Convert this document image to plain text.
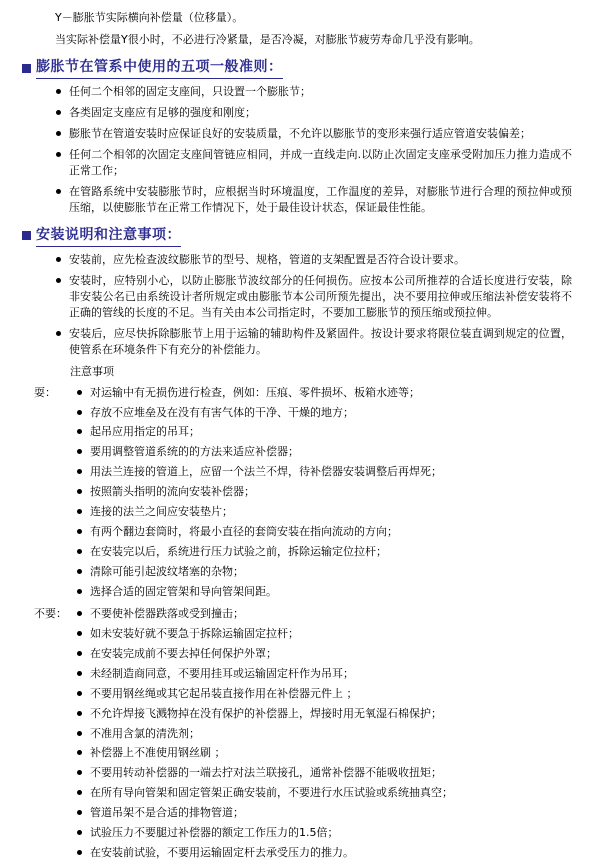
Y－膨胀节实际横向补偿量（位移量）。

当实际补偿量Y很小时，不必进行冷紧量，是否冷凝，对膨胀节疲劳寿命几乎没有影响。

膨胀节在管系中使用的五项一般准则：
任何二个相邻的固定支座间，只设置一个膨胀节；
各类固定支座应有足够的强度和刚度；
膨胀节在管道安装时应保证良好的安装质量，不允许以膨胀节的变形来强行适应管道安装偏差；
任何二个相邻的次固定支座间管链应相同，并成一直线走向.以防止次固定支座承受附加压力推力造成不正常工作；
在管路系统中安装膨胀节时，应根据当时环境温度，工作温度的差异，对膨胀节进行合理的预拉伸或预压缩，以使膨胀节在正常工作情况下，处于最佳设计状态，保证最佳性能。
安装说明和注意事项：
安装前，应先检查波纹膨胀节的型号、规格，管道的支架配置是否符合设计要求。
安装时，应特别小心，以防止膨胀节波纹部分的任何损伤。应按本公司所推荐的合适长度进行安装，除非安装公名已由系统设计者所规定或由膨胀节本公司所预先提出，决不要用拉伸或压缩法补偿安装将不正确的管线的长度的不足。当有关由本公司指定时，不要加工膨胀节的预压缩或预拉伸。
安装后，应尽快拆除膨胀节上用于运输的辅助构件及紧固件。按设计要求将限位装直调到规定的位置，使管系在环境条件下有充分的补偿能力。
注意事项
耍：	对运输中有无损伤进行检查，例如：压痕、零件损坏、板箱水迹等；
存放不应堆垒及在没有有害气体的干净、干燥的地方；
起吊应用指定的吊耳；
要用调整管道系统的的方法来适应补偿器；
用法兰连接的管道上，应留一个法兰不焊，待补偿器安装调整后再焊死；
按照箭头指明的流向安装补偿器；
连接的法兰之间应安装垫片；
有两个翻边套筒时，将最小直径的套筒安装在指向流动的方向；
在安装完以后，系统进行压力试验之前，拆除运输定位拉杆；
清除可能引起波纹堵塞的杂物；
选择合适的固定管架和导向管架间距。
不要：	不要使补偿器跌落或受到撞击；
如未安装好就不要急于拆除运输固定拉杆；
在安装完成前不要去掉任何保护外罩；
未经制造商同意，不要用挂耳或运输固定杆作为吊耳；
不要用钢丝绳或其它起吊装直接作用在补偿器元件上 ；
不允许焊接飞溅物掉在没有保护的补偿器上，焊接时用无氧湿石棉保护；
不准用含氯的清洗剂；
补偿器上不准使用钢丝刷 ；
不要用转动补偿器的一端去拧对法兰联接孔，通常补偿器不能吸收扭矩；
在所有导向管架和固定管架正确安装前，不要进行水压试验或系统抽真空；
管道吊架不是合适的排物管道；
试验压力不要腿过补偿器的额定工作压力的1.5倍；
在安装前试验，不要用运输固定杆去承受压力的推力。
